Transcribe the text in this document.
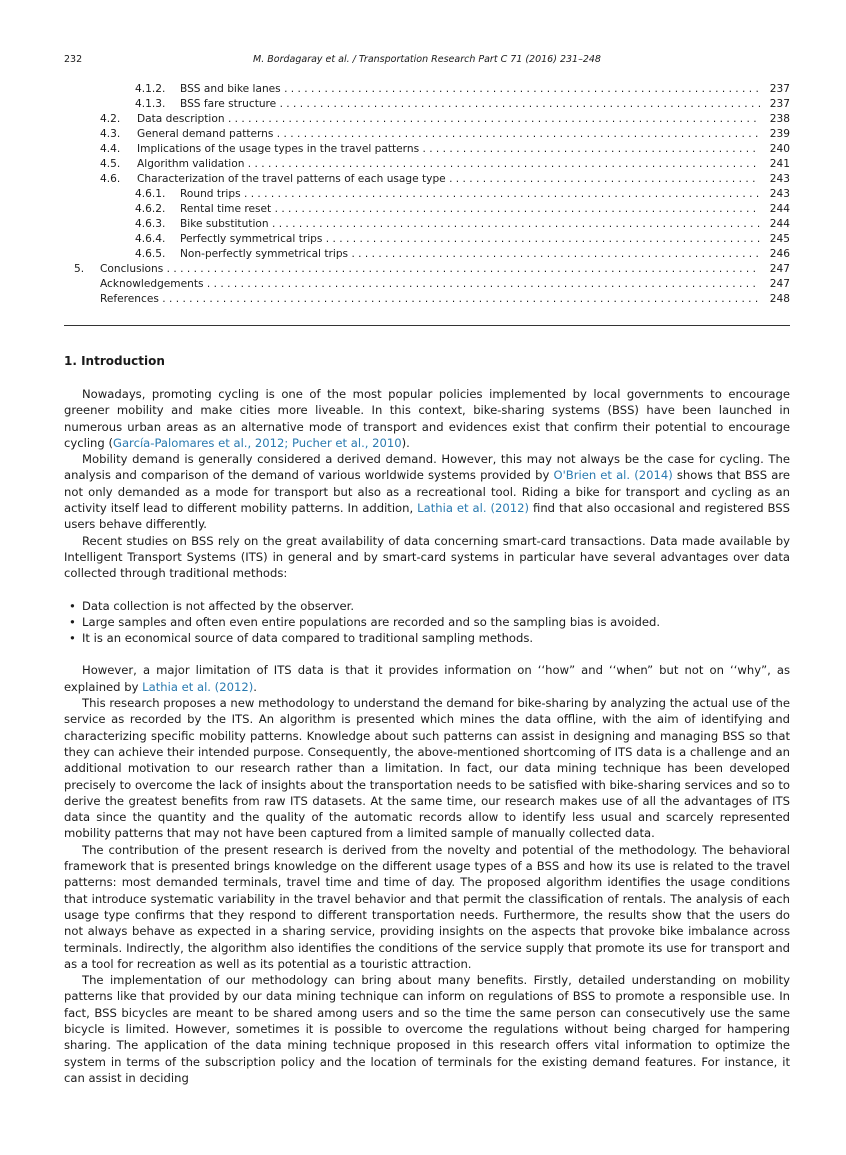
232	M. Bordagaray et al. / Transportation Research Part C 71 (2016) 231–248
4.1.2. BSS and bike lanes . . .	237
4.1.3. BSS fare structure . . .	237
4.2. Data description . . .	238
4.3. General demand patterns . . .	239
4.4. Implications of the usage types in the travel patterns . . .	240
4.5. Algorithm validation . . .	241
4.6. Characterization of the travel patterns of each usage type . . .	243
4.6.1. Round trips . . .	243
4.6.2. Rental time reset . . .	244
4.6.3. Bike substitution . . .	244
4.6.4. Perfectly symmetrical trips . . .	245
4.6.5. Non-perfectly symmetrical trips . . .	246
5. Conclusions . . .	247
Acknowledgements . . .	247
References . . .	248
1. Introduction

Nowadays, promoting cycling is one of the most popular policies implemented by local governments to encourage greener mobility and make cities more liveable. In this context, bike-sharing systems (BSS) have been launched in numerous urban areas as an alternative mode of transport and evidences exist that confirm their potential to encourage cycling (García-Palomares et al., 2012; Pucher et al., 2010).

Mobility demand is generally considered a derived demand. However, this may not always be the case for cycling. The analysis and comparison of the demand of various worldwide systems provided by O'Brien et al. (2014) shows that BSS are not only demanded as a mode for transport but also as a recreational tool. Riding a bike for transport and cycling as an activity itself lead to different mobility patterns. In addition, Lathia et al. (2012) find that also occasional and registered BSS users behave differently.

Recent studies on BSS rely on the great availability of data concerning smart-card transactions. Data made available by Intelligent Transport Systems (ITS) in general and by smart-card systems in particular have several advantages over data collected through traditional methods:

• Data collection is not affected by the observer.
• Large samples and often even entire populations are recorded and so the sampling bias is avoided.
• It is an economical source of data compared to traditional sampling methods.

However, a major limitation of ITS data is that it provides information on ‘‘how” and ‘‘when” but not on ‘‘why”, as explained by Lathia et al. (2012).

This research proposes a new methodology to understand the demand for bike-sharing by analyzing the actual use of the service as recorded by the ITS. An algorithm is presented which mines the data offline, with the aim of identifying and characterizing specific mobility patterns. Knowledge about such patterns can assist in designing and managing BSS so that they can achieve their intended purpose. Consequently, the above-mentioned shortcoming of ITS data is a challenge and an additional motivation to our research rather than a limitation. In fact, our data mining technique has been developed precisely to overcome the lack of insights about the transportation needs to be satisfied with bike-sharing services and so to derive the greatest benefits from raw ITS datasets. At the same time, our research makes use of all the advantages of ITS data since the quantity and the quality of the automatic records allow to identify less usual and scarcely represented mobility patterns that may not have been captured from a limited sample of manually collected data.

The contribution of the present research is derived from the novelty and potential of the methodology. The behavioral framework that is presented brings knowledge on the different usage types of a BSS and how its use is related to the travel patterns: most demanded terminals, travel time and time of day. The proposed algorithm identifies the usage conditions that introduce systematic variability in the travel behavior and that permit the classification of rentals. The analysis of each usage type confirms that they respond to different transportation needs. Furthermore, the results show that the users do not always behave as expected in a sharing service, providing insights on the aspects that provoke bike imbalance across terminals. Indirectly, the algorithm also identifies the conditions of the service supply that promote its use for transport and as a tool for recreation as well as its potential as a touristic attraction.

The implementation of our methodology can bring about many benefits. Firstly, detailed understanding on mobility patterns like that provided by our data mining technique can inform on regulations of BSS to promote a responsible use. In fact, BSS bicycles are meant to be shared among users and so the time the same person can consecutively use the same bicycle is limited. However, sometimes it is possible to overcome the regulations without being charged for hampering sharing. The application of the data mining technique proposed in this research offers vital information to optimize the system in terms of the subscription policy and the location of terminals for the existing demand features. For instance, it can assist in deciding
